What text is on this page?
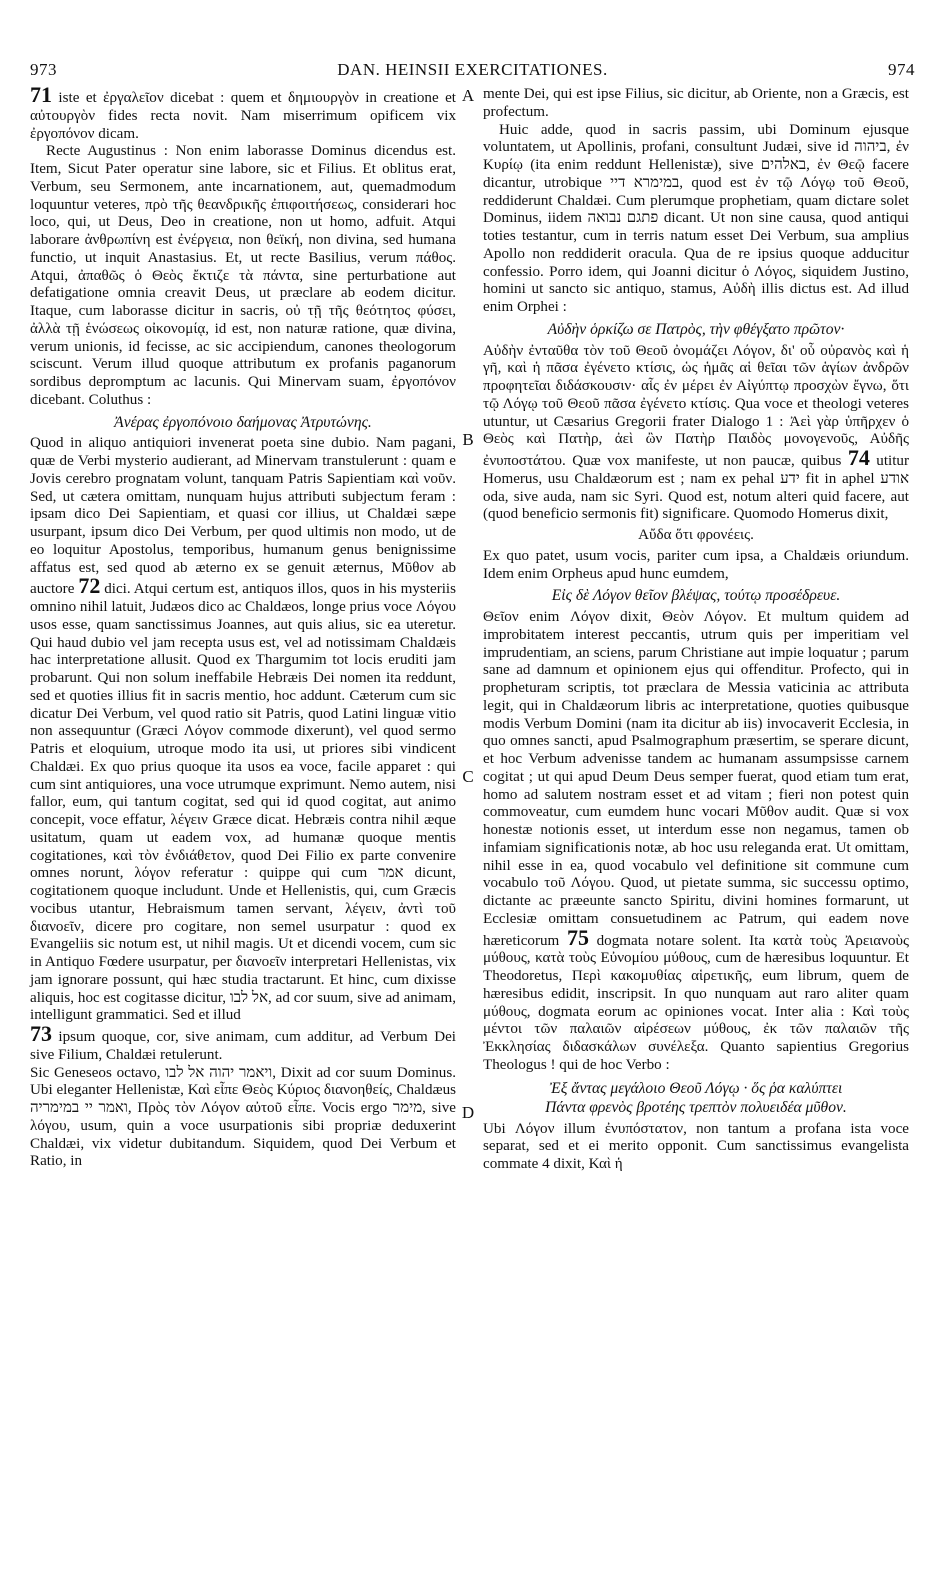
973	DAN. HEINSII EXERCITATIONES.	974
A
B
C
D

71 iste et ἐργαλεῖον dicebat : quem et δημιουργὸν in creatione et αὐτουργὸν fides recta novit. Nam miserrimum opificem vix ἐργοπόνον dicam.

Recte Augustinus : Non enim laborasse Dominus dicendus est. Item, Sicut Pater operatur sine labore, sic et Filius. Et oblitus erat, Verbum, seu Sermonem, ante incarnationem, aut, quemadmodum loquuntur veteres, πρὸ τῆς θεανδρικῆς ἐπιφοιτήσεως, considerari hoc loco, qui, ut Deus, Deo in creatione, non ut homo, adfuit. Atqui laborare ἀνθρωπίνη est ἐνέργεια, non θεϊκή, non divina, sed humana functio, ut inquit Anastasius. Et, ut recte Basilius, verum πάθος. Atqui, ἀπαθῶς ὁ Θεὸς ἔκτιζε τὰ πάντα, sine perturbatione aut defatigatione omnia creavit Deus, ut præclare ab eodem dicitur. Itaque, cum laborasse dicitur in sacris, οὐ τῇ τῆς θεότητος φύσει, ἀλλὰ τῇ ἑνώσεως οἰκονομίᾳ, id est, non naturæ ratione, quæ divina, verum unionis, id fecisse, ac sic accipiendum, canones theologorum sciscunt. Verum illud quoque attributum ex profanis paganorum sordibus depromptum ac lacunis. Qui Minervam suam, ἐργοπόνον dicebant. Coluthus :

Ἀνέρας ἐργοπόνοιο δαήμονας Ἀτρυτώνης.

Quod in aliquo antiquiori invenerat poeta sine dubio. Nam pagani, quæ de Verbi mysterio audierant, ad Minervam transtulerunt : quam e Jovis cerebro prognatam volunt, tanquam Patris Sapientiam καὶ νοῦν. Sed, ut cætera omittam, nunquam hujus attributi subjectum feram : ipsam dico Dei Sapientiam, et quasi cor illius, ut Chaldæi sæpe usurpant, ipsum dico Dei Verbum, per quod ultimis non modo, ut de eo loquitur Apostolus, temporibus, humanum genus benignissime affatus est, sed quod ab æterno ex se genuit æternus, Μῦθον ab auctore 72 dici. Atqui certum est, antiquos illos, quos in his mysteriis omnino nihil latuit, Judæos dico ac Chaldæos, longe prius voce Λόγου usos esse, quam sanctissimus Joannes, aut quis alius, sic ea uteretur. Qui haud dubio vel jam recepta usus est, vel ad notissimam Chaldæis hac interpretatione allusit. Quod ex Thargumim tot locis eruditi jam probarunt. Qui non solum ineffabile Hebræis Dei nomen ita reddunt, sed et quoties illius fit in sacris mentio, hoc addunt. Cæterum cum sic dicatur Dei Verbum, vel quod ratio sit Patris, quod Latini linguæ vitio non assequuntur (Græci Λόγον commode dixerunt), vel quod sermo Patris et eloquium, utroque modo ita usi, ut priores sibi vindicent Chaldæi. Ex quo prius quoque ita usos ea voce, facile apparet : qui cum sint antiquiores, una voce utrumque exprimunt. Nemo autem, nisi fallor, eum, qui tantum cogitat, sed qui id quod cogitat, aut animo concepit, voce effatur, λέγειν Græce dicat. Hebræis contra nihil æque usitatum, quam ut eadem vox, ad humanæ quoque mentis cogitationes, καὶ τὸν ἐνδιάθετον, quod Dei Filio ex parte convenire omnes norunt, λόγον referatur : quippe qui cum אמר dicunt, cogitationem quoque includunt. Unde et Hellenistis, qui, cum Græcis vocibus utantur, Hebraismum tamen servant, λέγειν, ἀντὶ τοῦ διανοεῖν, dicere pro cogitare, non semel usurpatur : quod ex Evangeliis sic notum est, ut nihil magis. Ut et dicendi vocem, cum sic in Antiquo Fœdere usurpatur, per διανοεῖν interpretari Hellenistas, vix jam ignorare possunt, qui hæc studia tractarunt. Et hinc, cum dixisse aliquis, hoc est cogitasse dicitur, אל לבו, ad cor suum, sive ad animam, intelligunt grammatici. Sed et illud

73 ipsum quoque, cor, sive animam, cum additur, ad Verbum Dei sive Filium, Chaldæi retulerunt.

Sic Geneseos octavo, ויאמר יהוה אל לבו, Dixit ad cor suum Dominus. Ubi eleganter Hellenistæ, Καὶ εἶπε Θεὸς Κύριος διανοηθείς, Chaldæus ואמר יי במימריה, Πρὸς τὸν Λόγον αὐτοῦ εἶπε. Vocis ergo מימר, sive λόγου, usum, quin a voce usurpationis sibi propriæ deduxerint Chaldæi, vix videtur dubitandum. Siquidem, quod Dei Verbum et Ratio, in

mente Dei, qui est ipse Filius, sic dicitur, ab Oriente, non a Græcis, est profectum.

Huic adde, quod in sacris passim, ubi Dominum ejusque voluntatem, ut Apollinis, profani, consultunt Judæi, sive id ביהוה, ἐν Κυρίῳ (ita enim reddunt Hellenistæ), sive באלהים, ἐν Θεῷ facere dicantur, utrobique במימרא דיי, quod est ἐν τῷ Λόγῳ τοῦ Θεοῦ, reddiderunt Chaldæi. Cum plerumque prophetiam, quam dictare solet Dominus, iidem פתגם נבואה dicant. Ut non sine causa, quod antiqui toties testantur, cum in terris natum esset Dei Verbum, sua amplius Apollo non reddiderit oracula. Qua de re ipsius quoque adducitur confessio. Porro idem, qui Joanni dicitur ὁ Λόγος, siquidem Justino, homini ut sancto sic antiquo, stamus, Αὐδὴ illis dictus est. Ad illud enim Orphei :

Αὐδὴν ὁρκίζω σε Πατρὸς, τὴν φθέγξατο πρῶτον·

Αὐδὴν ἐνταῦθα τὸν τοῦ Θεοῦ ὀνομάζει Λόγον, δι' οὗ οὐρανὸς καὶ ἡ γῆ, καὶ ἡ πᾶσα ἐγένετο κτίσις, ὡς ἡμᾶς αἱ θεῖαι τῶν ἁγίων ἀνδρῶν προφητεῖαι διδάσκουσιν· αἷς ἐν μέρει ἐν Αἰγύπτῳ προσχὼν ἔγνω, ὅτι τῷ Λόγῳ τοῦ Θεοῦ πᾶσα ἐγένετο κτίσις. Qua voce et theologi veteres utuntur, ut Cæsarius Gregorii frater Dialogo 1 : Ἀεὶ γὰρ ὑπῆρχεν ὁ Θεὸς καὶ Πατὴρ, ἀεὶ ὢν Πατὴρ Παιδὸς μονογενοῦς, Αὐδῆς ἐνυποστάτου. Quæ vox manifeste, ut non paucæ, quibus 74 utitur Homerus, usu Chaldæorum est ; nam ex pehal ידע fit in aphel אודע oda, sive auda, nam sic Syri. Quod est, notum alteri quid facere, aut (quod beneficio sermonis fit) significare. Quomodo Homerus dixit,

Αὔδα ὅτι φρονέεις.

Ex quo patet, usum vocis, pariter cum ipsa, a Chaldæis oriundum. Idem enim Orpheus apud hunc eumdem,

Εἰς δὲ Λόγον θεῖον βλέψας, τούτῳ προσέδρευε.

Θεῖον enim Λόγον dixit, Θεὸν Λόγον. Et multum quidem ad improbitatem interest peccantis, utrum quis per imperitiam vel imprudentiam, an sciens, parum Christiane aut impie loquatur ; parum sane ad damnum et opinionem ejus qui offenditur. Profecto, qui in propheturam scriptis, tot præclara de Messia vaticinia ac attributa legit, qui in Chaldæorum libris ac interpretatione, quoties quibusque modis Verbum Domini (nam ita dicitur ab iis) invocaverit Ecclesia, in quo omnes sancti, apud Psalmographum præsertim, se sperare dicunt, et hoc Verbum advenisse tandem ac humanam assumpsisse carnem cogitat ; ut qui apud Deum Deus semper fuerat, quod etiam tum erat, homo ad salutem nostram esset et ad vitam ; fieri non potest quin commoveatur, cum eumdem hunc vocari Μῦθον audit. Quæ si vox honestæ notionis esset, ut interdum esse non negamus, tamen ob infamiam significationis notæ, ab hoc usu releganda erat. Ut omittam, nihil esse in ea, quod vocabulo vel definitione sit commune cum vocabulo τοῦ Λόγου. Quod, ut pietate summa, sic successu optimo, dictante ac præeunte sancto Spiritu, divini homines formarunt, ut Ecclesiæ omittam consuetudinem ac Patrum, qui eadem nove hæreticorum 75 dogmata notare solent. Ita κατὰ τοὺς Ἀρειανοὺς μύθους, κατὰ τοὺς Εὐνομίου μύθους, cum de hæresibus loquuntur. Et Theodoretus, Περὶ κακομυθίας αἱρετικῆς, eum librum, quem de hæresibus edidit, inscripsit. In quo nunquam aut raro aliter quam μύθους, dogmata eorum ac opiniones vocat. Inter alia : Καὶ τοὺς μέντοι τῶν παλαιῶν αἱρέσεων μύθους, ἐκ τῶν παλαιῶν τῆς Ἐκκλησίας διδασκάλων συνέλεξα. Quanto sapientius Gregorius Theologus ! qui de hoc Verbo :

Ἐξ ἄντας μεγάλοιο Θεοῦ Λόγῳ · ὅς ῥα καλύπτει
Πάντα φρενὸς βροτέης τρεπτὸν πολυειδέα μῦθον.

Ubi Λόγον illum ἐνυπόστατον, non tantum a profana ista voce separat, sed et ei merito opponit. Cum sanctissimus evangelista commate 4 dixit, Καὶ ἡ
